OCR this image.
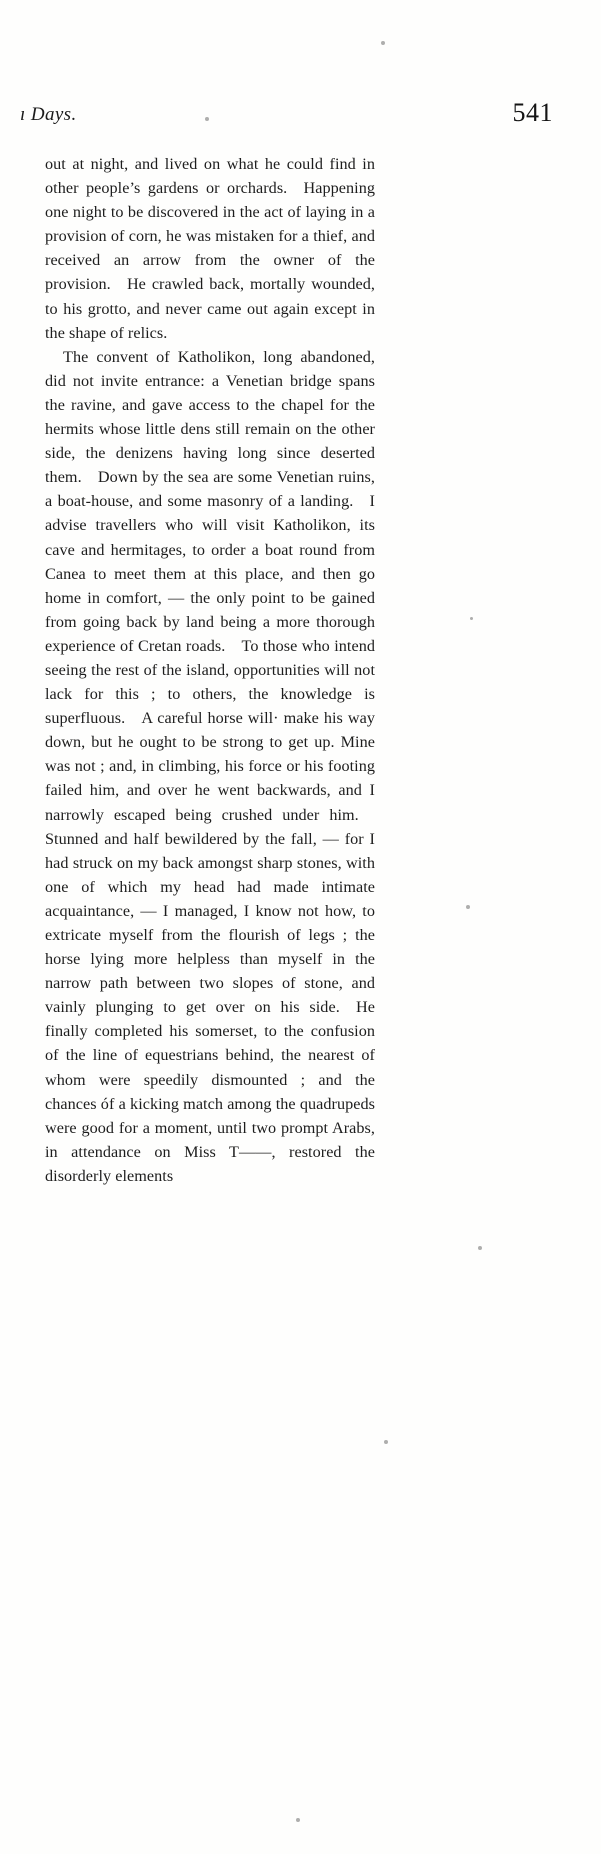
ı Days.	541

out at night, and lived on what he could find in other people’s gardens or orchards. Happening one night to be discovered in the act of laying in a provision of corn, he was mistaken for a thief, and received an arrow from the owner of the provision. He crawled back, mortally wounded, to his grotto, and never came out again except in the shape of relics.

The convent of Katholikon, long abandoned, did not invite entrance: a Venetian bridge spans the ravine, and gave access to the chapel for the hermits whose little dens still remain on the other side, the denizens having long since deserted them. Down by the sea are some Venetian ruins, a boat-house, and some masonry of a landing. I advise travellers who will visit Katholikon, its cave and hermitages, to order a boat round from Canea to meet them at this place, and then go home in comfort, — the only point to be gained from going back by land being a more thorough experience of Cretan roads. To those who intend seeing the rest of the island, opportunities will not lack for this ; to others, the knowledge is superfluous. A careful horse will· make his way down, but he ought to be strong to get up. Mine was not ; and, in climbing, his force or his footing failed him, and over he went backwards, and I narrowly escaped being crushed under him. Stunned and half bewildered by the fall, — for I had struck on my back amongst sharp stones, with one of which my head had made intimate acquaintance, — I managed, I know not how, to extricate myself from the flourish of legs ; the horse lying more helpless than myself in the narrow path between two slopes of stone, and vainly plunging to get over on his side. He finally completed his somerset, to the confusion of the line of equestrians behind, the nearest of whom were speedily dismounted ; and the chances óf a kicking match among the quadrupeds were good for a moment, until two prompt Arabs, in attendance on Miss T——, restored the disorderly elements
